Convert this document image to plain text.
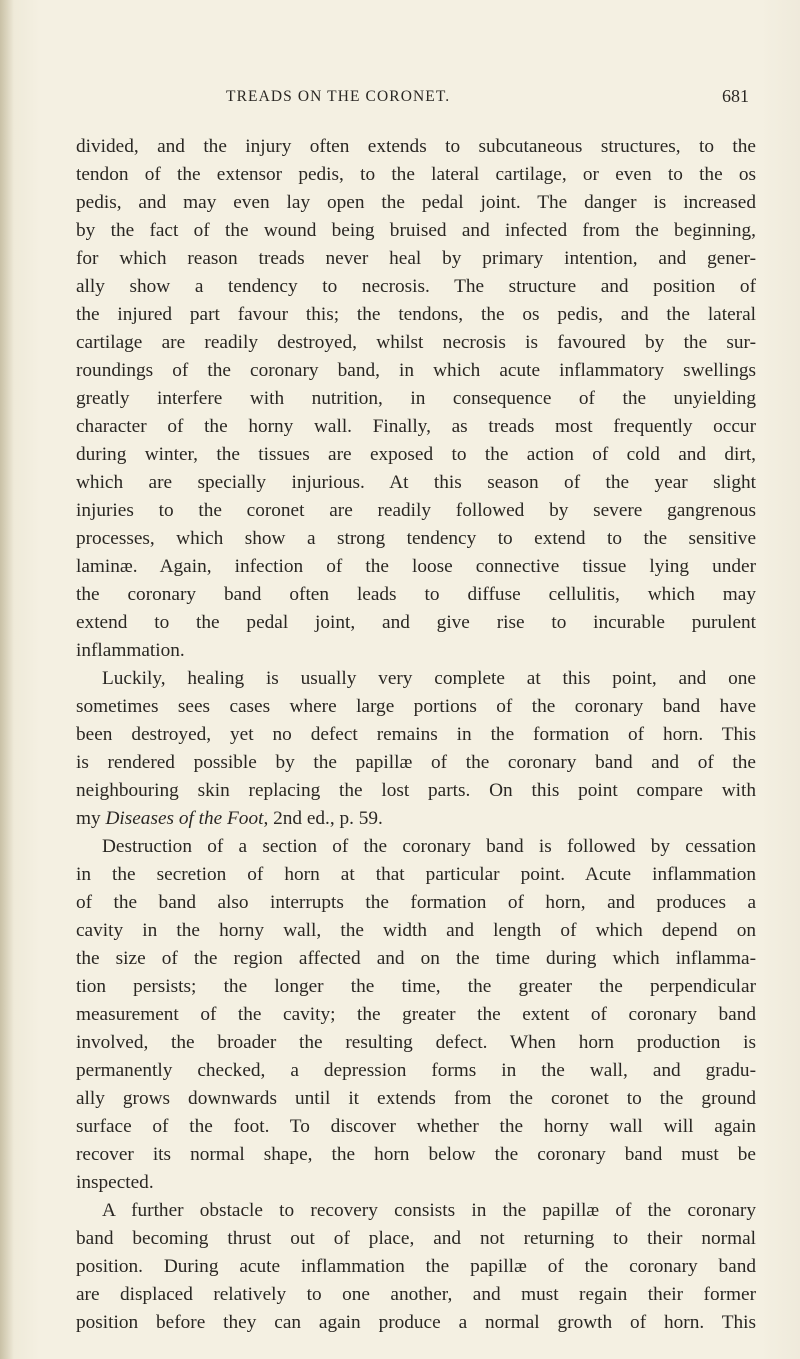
TREADS ON THE CORONET.	681
divided, and the injury often extends to subcutaneous structures, to the
tendon of the extensor pedis, to the lateral cartilage, or even to the os
pedis, and may even lay open the pedal joint. The danger is increased
by the fact of the wound being bruised and infected from the beginning,
for which reason treads never heal by primary intention, and gener-
ally show a tendency to necrosis. The structure and position of
the injured part favour this; the tendons, the os pedis, and the lateral
cartilage are readily destroyed, whilst necrosis is favoured by the sur-
roundings of the coronary band, in which acute inflammatory swellings
greatly interfere with nutrition, in consequence of the unyielding
character of the horny wall. Finally, as treads most frequently occur
during winter, the tissues are exposed to the action of cold and dirt,
which are specially injurious. At this season of the year slight
injuries to the coronet are readily followed by severe gangrenous
processes, which show a strong tendency to extend to the sensitive
laminæ. Again, infection of the loose connective tissue lying under
the coronary band often leads to diffuse cellulitis, which may
extend to the pedal joint, and give rise to incurable purulent
inflammation.
Luckily, healing is usually very complete at this point, and one
sometimes sees cases where large portions of the coronary band have
been destroyed, yet no defect remains in the formation of horn. This
is rendered possible by the papillæ of the coronary band and of the
neighbouring skin replacing the lost parts. On this point compare with
my Diseases of the Foot, 2nd ed., p. 59.
Destruction of a section of the coronary band is followed by cessation
in the secretion of horn at that particular point. Acute inflammation
of the band also interrupts the formation of horn, and produces a
cavity in the horny wall, the width and length of which depend on
the size of the region affected and on the time during which inflamma-
tion persists; the longer the time, the greater the perpendicular
measurement of the cavity; the greater the extent of coronary band
involved, the broader the resulting defect. When horn production is
permanently checked, a depression forms in the wall, and gradu-
ally grows downwards until it extends from the coronet to the ground
surface of the foot. To discover whether the horny wall will again
recover its normal shape, the horn below the coronary band must be
inspected.
A further obstacle to recovery consists in the papillæ of the coronary
band becoming thrust out of place, and not returning to their normal
position. During acute inflammation the papillæ of the coronary band
are displaced relatively to one another, and must regain their former
position before they can again produce a normal growth of horn. This
